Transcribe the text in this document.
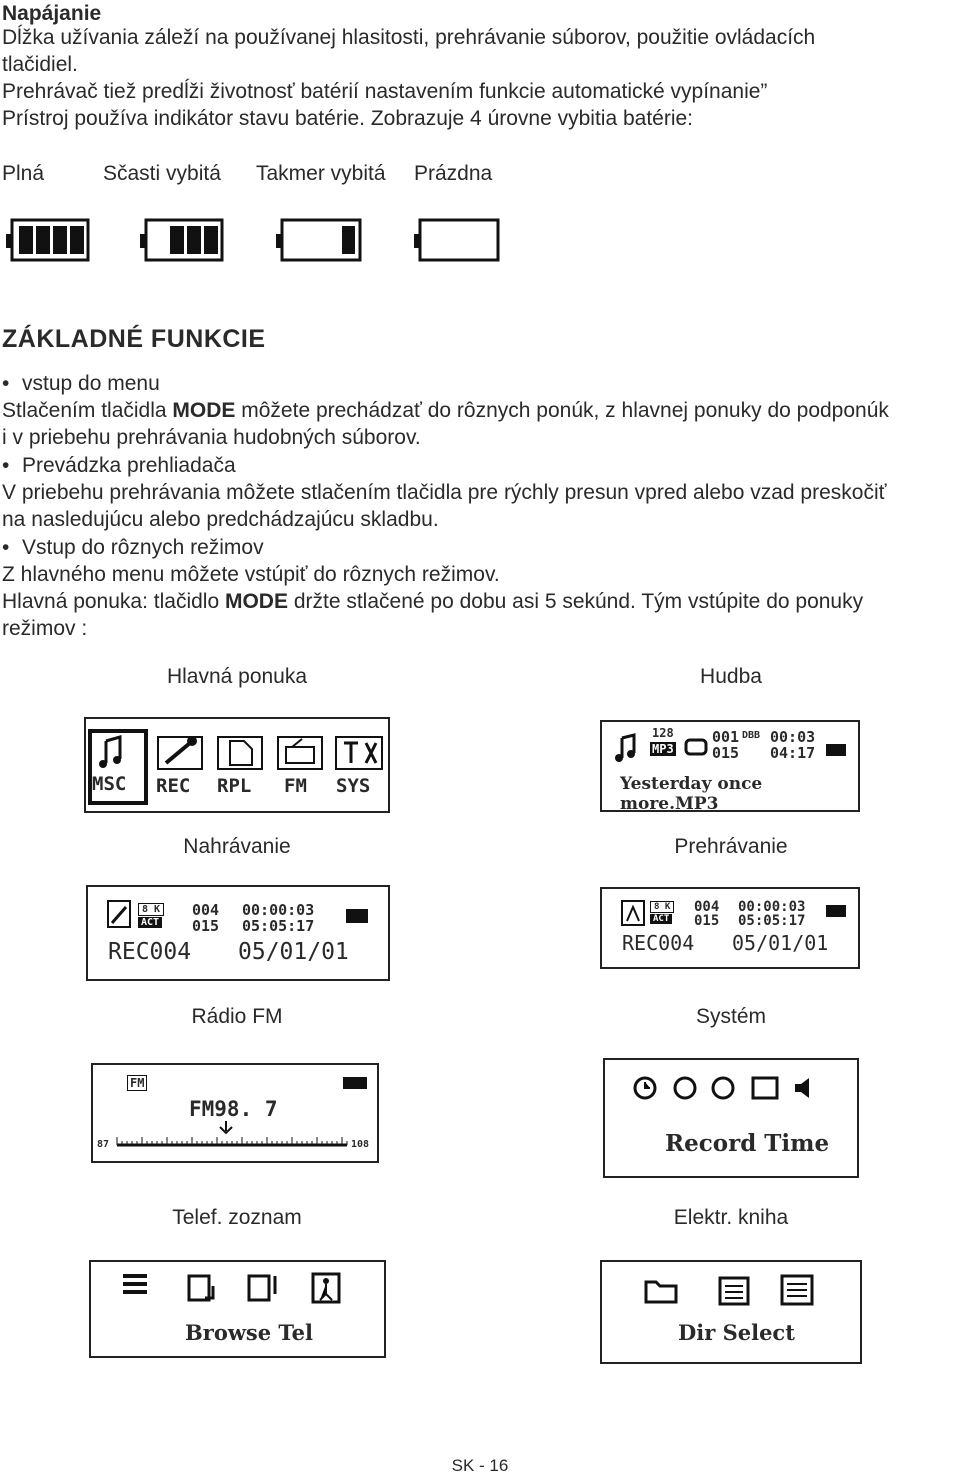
Napájanie
Dĺžka užívania záleží na používanej hlasitosti, prehrávanie súborov, použitie ovládacích
tlačidiel.
Prehrávač tiež predĺži životnosť batérií nastavením funkcie automatické vypínanie”
Prístroj používa indikátor stavu batérie. Zobrazuje 4 úrovne vybitia batérie:
Plná	Sčasti vybitá Takmer vybitá Prázdna
ZÁKLADNÉ FUNKCIE
• vstup do menu
Stlačením tlačidla MODE môžete prechádzať do rôznych ponúk, z hlavnej ponuky do podponúk
i v priebehu prehrávania hudobných súborov.
• Prevádzka prehliadača
V priebehu prehrávania môžete stlačením tlačidla pre rýchly presun vpred alebo vzad preskočiť
na nasledujúcu alebo predchádzajúcu skladbu.
• Vstup do rôznych režimov
Z hlavného menu môžete vstúpiť do rôznych režimov.
Hlavná ponuka: tlačidlo MODE držte stlačené po dobu asi 5 sekúnd. Tým vstúpite do ponuky
režimov :
Hlavná ponuka	Hudba
MSC REC RPL FM SYS
128
MP3
001 DBB
015
00:03
04:17
Yesterday once more.MP3
Nahrávanie	Prehrávanie
8 K
ACT
004
015
00:00:03
05:05:17
REC004 05/01/01
8 K
ACT
004
015
00:00:03
05:05:17
REC004 05/01/01
Rádio FM	Systém
FM
FM98. 7
87	108	Record Time
Telef. zoznam	Elektr. kniha
Browse Tel	Dir Select
SK - 16
